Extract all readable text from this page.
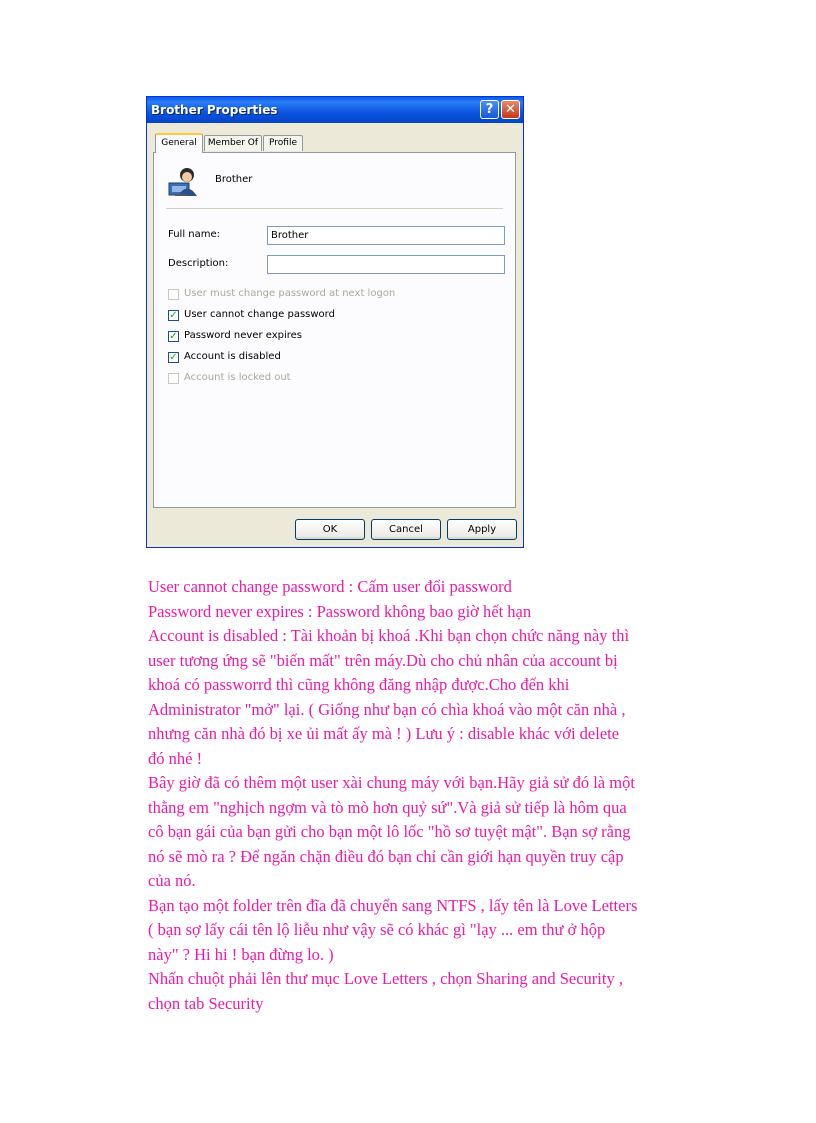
Brother Properties	? ✕
General	Member Of	Profile
Brother
Full name:
Brother
Description:
User must change password at next logon
✓ User cannot change password
✓ Password never expires
✓ Account is disabled
Account is locked out
OK	Cancel	Apply

User cannot change password : Cấm user đổi password

Password never expires : Password không bao giờ hết hạn

Account is disabled : Tài khoản bị khoá .Khi bạn chọn chức năng này thì

user tương ứng sẽ "biến mất" trên máy.Dù cho chủ nhân của account bị

khoá có passworrd thì cũng không đăng nhập được.Cho đến khi

Administrator "mở" lại. ( Giống như bạn có chìa khoá vào một căn nhà ,

nhưng căn nhà đó bị xe ủi mất ấy mà ! ) Lưu ý : disable khác với delete

đó nhé !

Bây giờ đã có thêm một user xài chung máy với bạn.Hãy giả sử đó là một

thằng em "nghịch ngợm và tò mò hơn quỷ sứ".Và giả sử tiếp là hôm qua

cô bạn gái của bạn gửi cho bạn một lô lốc "hồ sơ tuyệt mật". Bạn sợ rằng

nó sẽ mò ra ? Để ngăn chặn điều đó bạn chỉ cần giới hạn quyền truy cập

của nó.

Bạn tạo một folder trên đĩa đã chuyển sang NTFS , lấy tên là Love Letters

( bạn sợ lấy cái tên lộ liễu như vậy sẽ có khác gì "lạy ... em thư ở hộp

này" ? Hi hi ! bạn đừng lo. )

Nhấn chuột phải lên thư mục Love Letters , chọn Sharing and Security ,

chọn tab Security
